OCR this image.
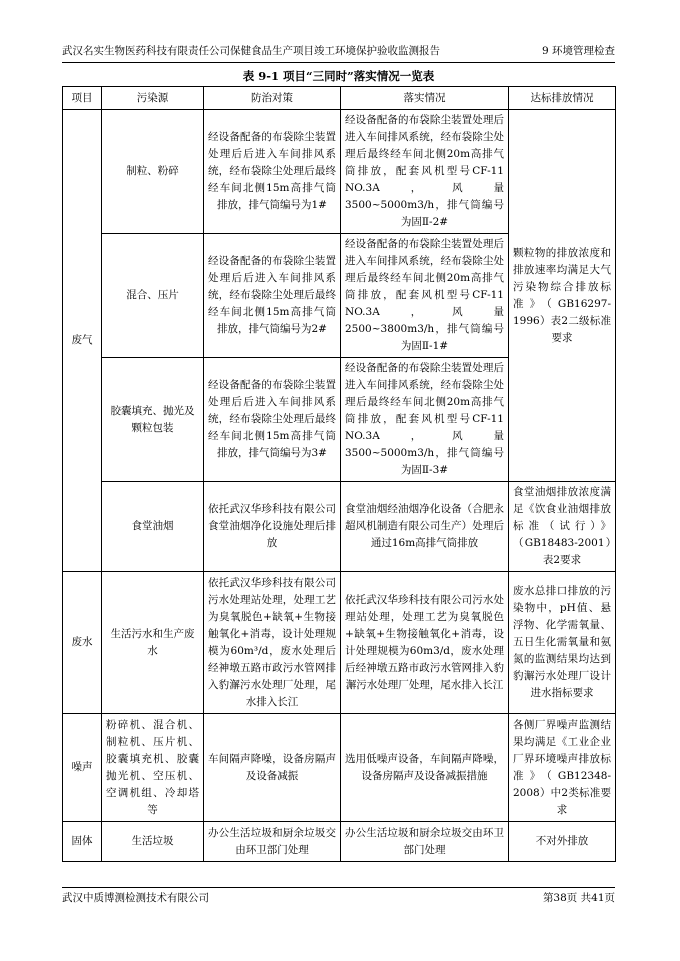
武汉名实生物医药科技有限责任公司保健食品生产项目竣工环境保护验收监测报告	9 环境管理检查
表 9-1 项目“三同时”落实情况一览表
项目	污染源	防治对策	落实情况	达标排放情况
废气	制粒、粉碎	经设备配备的布袋除尘装置处理后后进入车间排风系统，经布袋除尘处理后最终经车间北侧15m高排气筒排放，排气筒编号为1#	经设备配备的布袋除尘装置处理后进入车间排风系统，经布袋除尘处理后最终经车间北侧20m高排气筒排放，配套风机型号CF-11 NO.3A，风量3500~5000m3/h，排气筒编号为固Ⅱ-2#	颗粒物的排放浓度和排放速率均满足大气污染物综合排放标准》（GB16297-1996）表2二级标准要求
	混合、压片	经设备配备的布袋除尘装置处理后后进入车间排风系统，经布袋除尘处理后最终经车间北侧15m高排气筒排放，排气筒编号为2#	经设备配备的布袋除尘装置处理后进入车间排风系统，经布袋除尘处理后最终经车间北侧20m高排气筒排放，配套风机型号CF-11 NO.3A，风量2500~3800m3/h，排气筒编号为固Ⅱ-1#	
	胶囊填充、抛光及颗粒包装	经设备配备的布袋除尘装置处理后后进入车间排风系统，经布袋除尘处理后最终经车间北侧15m高排气筒排放，排气筒编号为3#	经设备配备的布袋除尘装置处理后进入车间排风系统，经布袋除尘处理后最终经车间北侧20m高排气筒排放，配套风机型号CF-11 NO.3A，风量3500~5000m3/h，排气筒编号为固Ⅱ-3#	
	食堂油烟	依托武汉华珍科技有限公司食堂油烟净化设施处理后排放	食堂油烟经油烟净化设备（合肥永超风机制造有限公司生产）处理后通过16m高排气筒排放	食堂油烟排放浓度满足《饮食业油烟排放标准（试行）》（GB18483-2001）表2要求
废水	生活污水和生产废水	依托武汉华珍科技有限公司污水处理站处理，处理工艺为臭氧脱色+缺氧+生物接触氧化+消毒，设计处理规模为60m³/d，废水处理后经神墩五路市政污水管网排入豹澥污水处理厂处理，尾水排入长江	依托武汉华珍科技有限公司污水处理站处理，处理工艺为臭氧脱色+缺氧+生物接触氧化+消毒，设计处理规模为60m3/d，废水处理后经神墩五路市政污水管网排入豹澥污水处理厂处理，尾水排入长江	废水总排口排放的污染物中，pH值、悬浮物、化学需氧量、五日生化需氧量和氨氮的监测结果均达到豹澥污水处理厂设计进水指标要求
噪声	粉碎机、混合机、制粒机、压片机、胶囊填充机、胶囊抛光机、空压机、空调机组、冷却塔等	车间隔声降噪，设备房隔声及设备减振	选用低噪声设备，车间隔声降噪，设备房隔声及设备减振措施	各侧厂界噪声监测结果均满足《工业企业厂界环境噪声排放标准》（GB12348-2008）中2类标准要求
固体	生活垃圾	办公生活垃圾和厨余垃圾交由环卫部门处理	办公生活垃圾和厨余垃圾交由环卫部门处理	不对外排放
武汉中质博测检测技术有限公司	第38页 共41页
